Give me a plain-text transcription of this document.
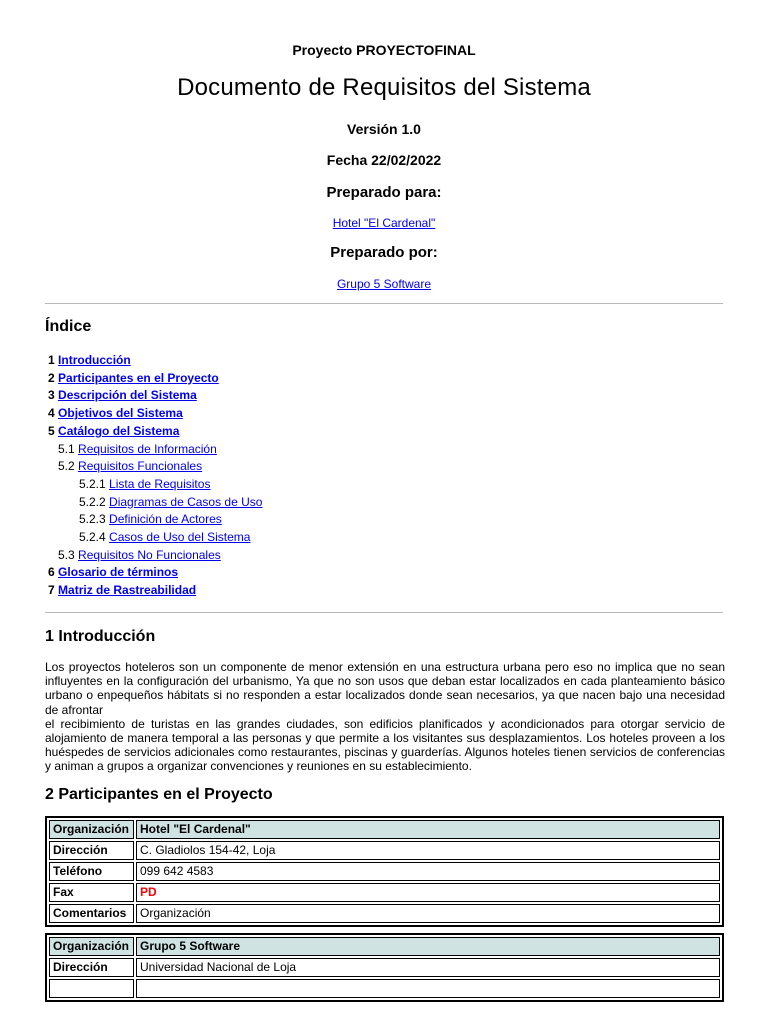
Proyecto PROYECTOFINAL
Documento de Requisitos del Sistema
Versión 1.0
Fecha 22/02/2022
Preparado para:
Hotel "El Cardenal"
Preparado por:
Grupo 5 Software
Índice
1 Introducción
2 Participantes en el Proyecto
3 Descripción del Sistema
4 Objetivos del Sistema
5 Catálogo del Sistema
5.1 Requisitos de Información
5.2 Requisitos Funcionales
5.2.1 Lista de Requisitos
5.2.2 Diagramas de Casos de Uso
5.2.3 Definición de Actores
5.2.4 Casos de Uso del Sistema
5.3 Requisitos No Funcionales
6 Glosario de términos
7 Matriz de Rastreabilidad
1 Introducción

Los proyectos hoteleros son un componente de menor extensión en una estructura urbana pero eso no implica que no sean influyentes en la configuración del urbanismo, Ya que no son usos que deban estar localizados en cada planteamiento básico urbano o enpequeños hábitats si no responden a estar localizados donde sean necesarios, ya que nacen bajo una necesidad de afrontar

el recibimiento de turistas en las grandes ciudades, son edificios planificados y acondicionados para otorgar servicio de alojamiento de manera temporal a las personas y que permite a los visitantes sus desplazamientos. Los hoteles proveen a los huéspedes de servicios adicionales como restaurantes, piscinas y guarderías. Algunos hoteles tienen servicios de conferencias y animan a grupos a organizar convenciones y reuniones en su establecimiento.

2 Participantes en el Proyecto
Organización	Hotel "El Cardenal"
Dirección	C. Gladiolos 154-42, Loja
Teléfono	099 642 4583
Fax	PD
Comentarios	Organización
Organización	Grupo 5 Software
Dirección	Universidad Nacional de Loja
